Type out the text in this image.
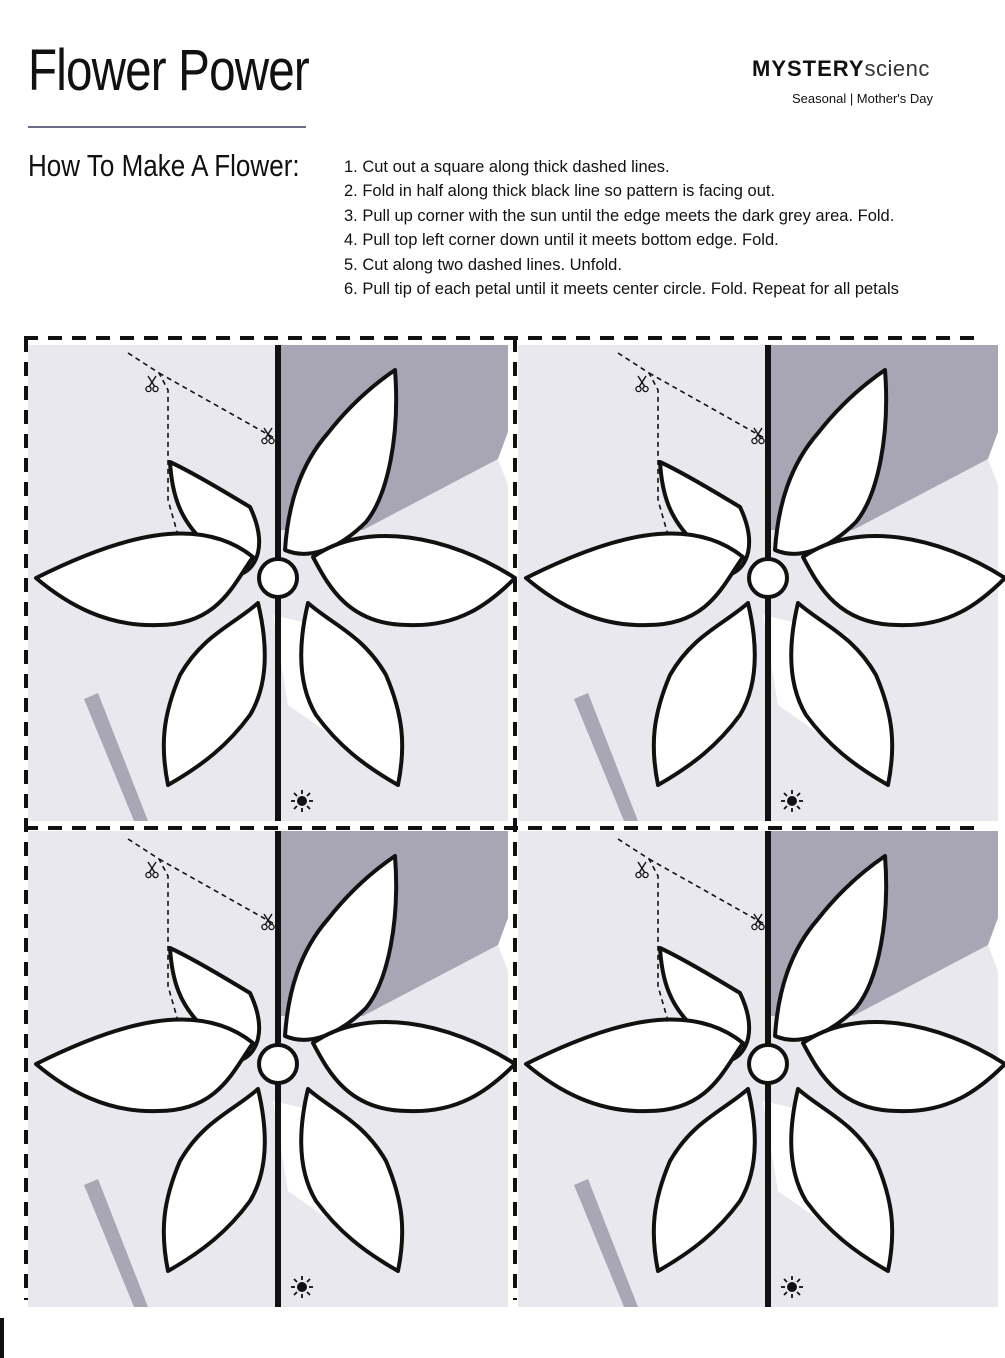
Flower Power	MYSTERYscienc
Seasonal | Mother's Day
How To Make A Flower:	1. Cut out a square along thick dashed lines.
2. Fold in half along thick black line so pattern is facing out.
3. Pull up corner with the sun until the edge meets the dark grey area. Fold.
4. Pull top left corner down until it meets bottom edge. Fold.
5. Cut along two dashed lines. Unfold.
6. Pull tip of each petal until it meets center circle. Fold. Repeat for all petals
